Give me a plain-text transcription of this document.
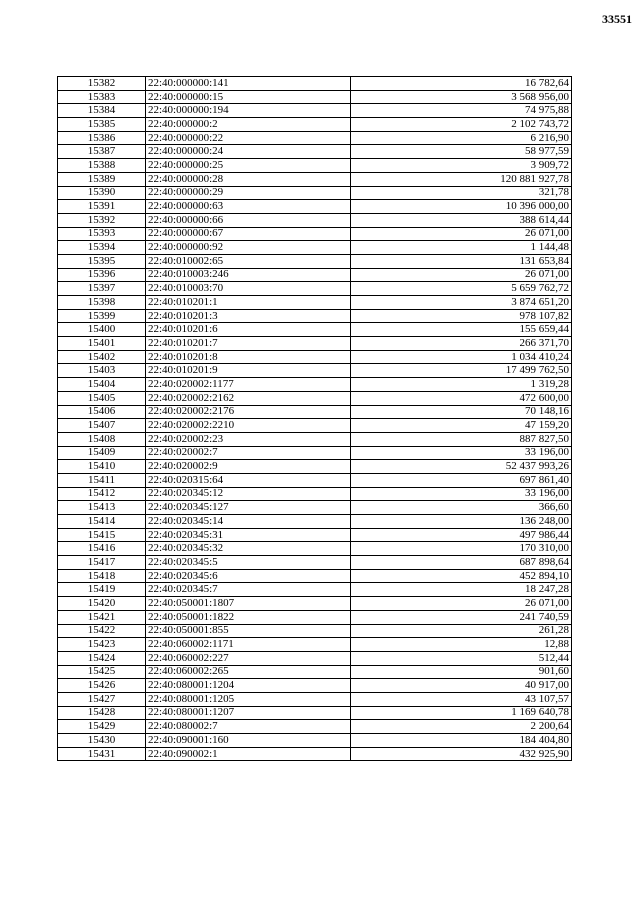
33551
15382	22:40:000000:141	16 782,64
15383	22:40:000000:15	3 568 956,00
15384	22:40:000000:194	74 975,88
15385	22:40:000000:2	2 102 743,72
15386	22:40:000000:22	6 216,90
15387	22:40:000000:24	58 977,59
15388	22:40:000000:25	3 909,72
15389	22:40:000000:28	120 881 927,78
15390	22:40:000000:29	321,78
15391	22:40:000000:63	10 396 000,00
15392	22:40:000000:66	388 614,44
15393	22:40:000000:67	26 071,00
15394	22:40:000000:92	1 144,48
15395	22:40:010002:65	131 653,84
15396	22:40:010003:246	26 071,00
15397	22:40:010003:70	5 659 762,72
15398	22:40:010201:1	3 874 651,20
15399	22:40:010201:3	978 107,82
15400	22:40:010201:6	155 659,44
15401	22:40:010201:7	266 371,70
15402	22:40:010201:8	1 034 410,24
15403	22:40:010201:9	17 499 762,50
15404	22:40:020002:1177	1 319,28
15405	22:40:020002:2162	472 600,00
15406	22:40:020002:2176	70 148,16
15407	22:40:020002:2210	47 159,20
15408	22:40:020002:23	887 827,50
15409	22:40:020002:7	33 196,00
15410	22:40:020002:9	52 437 993,26
15411	22:40:020315:64	697 861,40
15412	22:40:020345:12	33 196,00
15413	22:40:020345:127	366,60
15414	22:40:020345:14	136 248,00
15415	22:40:020345:31	497 986,44
15416	22:40:020345:32	170 310,00
15417	22:40:020345:5	687 898,64
15418	22:40:020345:6	452 894,10
15419	22:40:020345:7	18 247,28
15420	22:40:050001:1807	26 071,00
15421	22:40:050001:1822	241 740,59
15422	22:40:050001:855	261,28
15423	22:40:060002:1171	12,88
15424	22:40:060002:227	512,44
15425	22:40:060002:265	901,60
15426	22:40:080001:1204	40 917,00
15427	22:40:080001:1205	43 107,57
15428	22:40:080001:1207	1 169 640,78
15429	22:40:080002:7	2 200,64
15430	22:40:090001:160	184 404,80
15431	22:40:090002:1	432 925,90
